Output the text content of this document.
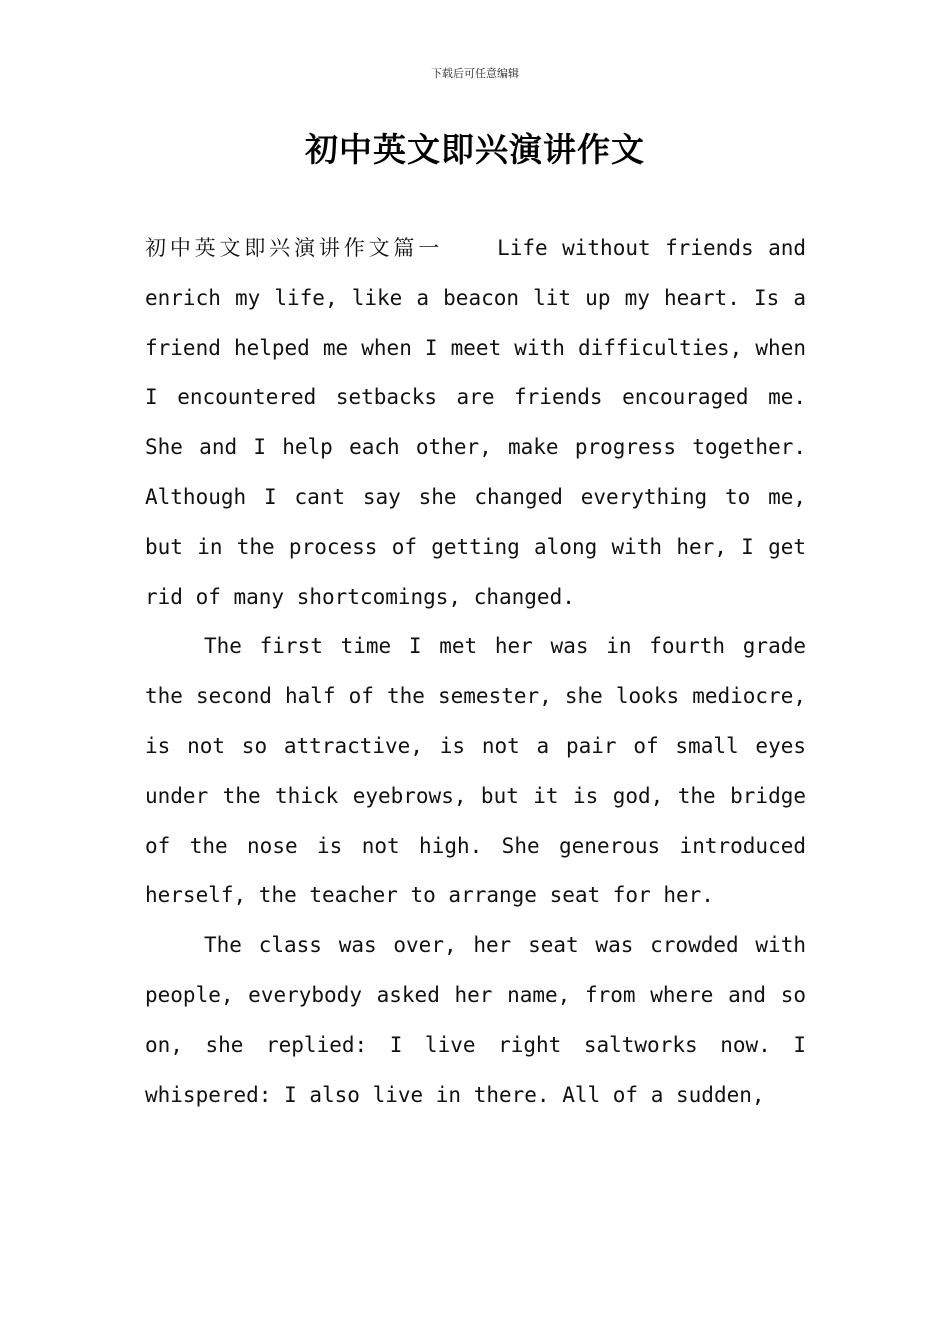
下载后可任意编辑
初中英文即兴演讲作文

初中英文即兴演讲作文篇一	Life without friends and enrich my life, like a beacon lit up my heart. Is a friend helped me when I meet with difficulties, when I encountered setbacks are friends encouraged me. She and I help each other, make progress together. Although I cant say she changed everything to me, but in the process of getting along with her, I get rid of many shortcomings, changed.

The first time I met her was in fourth grade the second half of the semester, she looks mediocre, is not so attractive, is not a pair of small eyes under the thick eyebrows, but it is god, the bridge of the nose is not high. She generous introduced herself, the teacher to arrange seat for her.

The class was over, her seat was crowded with people, everybody asked her name, from where and so on, she replied: I live right saltworks now. I whispered: I also live in there. All of a sudden,
